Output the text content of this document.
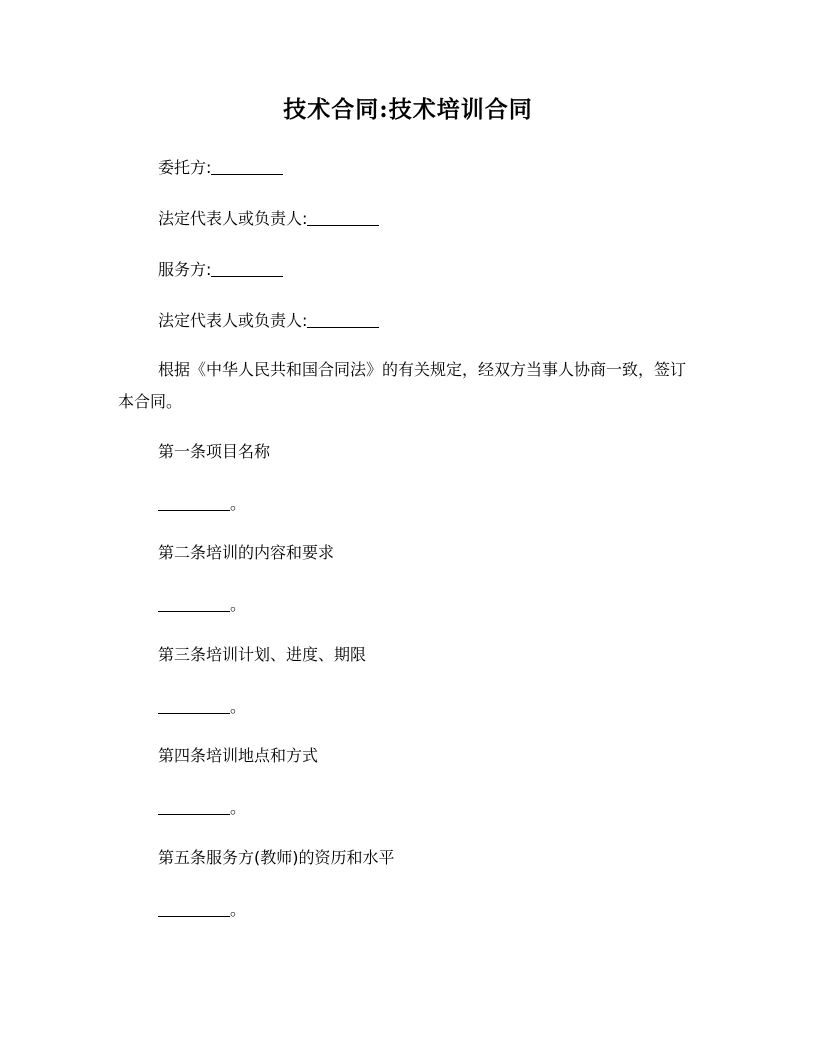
技术合同:技术培训合同
委托方:
法定代表人或负责人:
服务方:
法定代表人或负责人:
根据《中华人民共和国合同法》的有关规定，经双方当事人协商一致，签订本合同。
第一条项目名称
。
第二条培训的内容和要求
。
第三条培训计划、进度、期限
。
第四条培训地点和方式
。
第五条服务方(教师)的资历和水平
。
